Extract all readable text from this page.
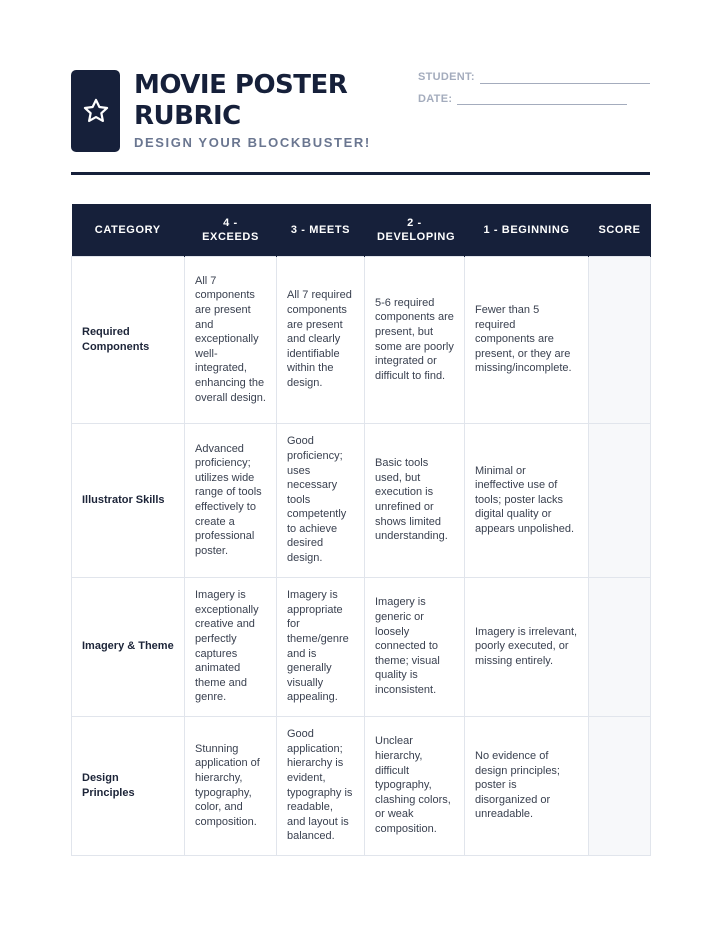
MOVIE POSTER RUBRIC
DESIGN YOUR BLOCKBUSTER!
STUDENT:
DATE:
CATEGORY	4 - EXCEEDS	3 - MEETS	2 - DEVELOPING	1 - BEGINNING	SCORE
Required Components	All 7 components are present and exceptionally well-integrated, enhancing the overall design.	All 7 required components are present and clearly identifiable within the design.	5-6 required components are present, but some are poorly integrated or difficult to find.	Fewer than 5 required components are present, or they are missing/incomplete.	
Illustrator Skills	Advanced proficiency; utilizes wide range of tools effectively to create a professional poster.	Good proficiency; uses necessary tools competently to achieve desired design.	Basic tools used, but execution is unrefined or shows limited understanding.	Minimal or ineffective use of tools; poster lacks digital quality or appears unpolished.	
Imagery & Theme	Imagery is exceptionally creative and perfectly captures animated theme and genre.	Imagery is appropriate for theme/genre and is generally visually appealing.	Imagery is generic or loosely connected to theme; visual quality is inconsistent.	Imagery is irrelevant, poorly executed, or missing entirely.	
Design Principles	Stunning application of hierarchy, typography, color, and composition.	Good application; hierarchy is evident, typography is readable, and layout is balanced.	Unclear hierarchy, difficult typography, clashing colors, or weak composition.	No evidence of design principles; poster is disorganized or unreadable.	
